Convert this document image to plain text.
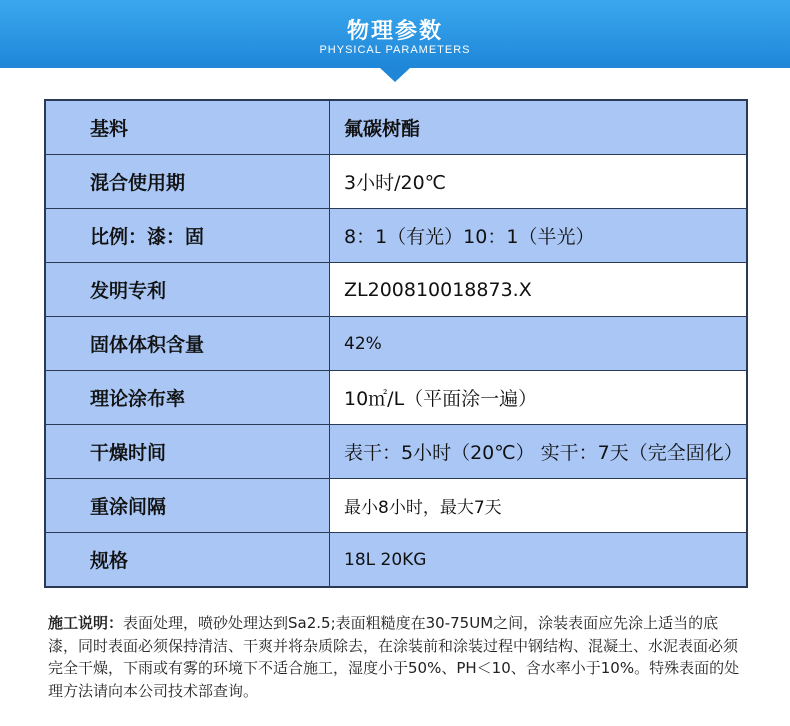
物理参数
PHYSICAL PARAMETERS
基料	氟碳树酯
混合使用期	3小时/20℃
比例：漆：固	8：1（有光）10：1（半光）
发明专利	ZL200810018873.X
固体体积含量	42%
理论涂布率	10㎡/L（平面涂一遍）
干燥时间	表干：5小时（20℃） 实干：7天（完全固化）
重涂间隔	最小8小时，最大7天
规格	18L 20KG
施工说明：表面处理，喷砂处理达到Sa2.5;表面粗糙度在30-75UM之间，涂装表面应先涂上适当的底漆，同时表面必须保持清洁、干爽并将杂质除去，在涂装前和涂装过程中钢结构、混凝土、水泥表面必须完全干燥，下雨或有雾的环境下不适合施工，湿度小于50%、PH＜10、含水率小于10%。特殊表面的处理方法请向本公司技术部查询。
